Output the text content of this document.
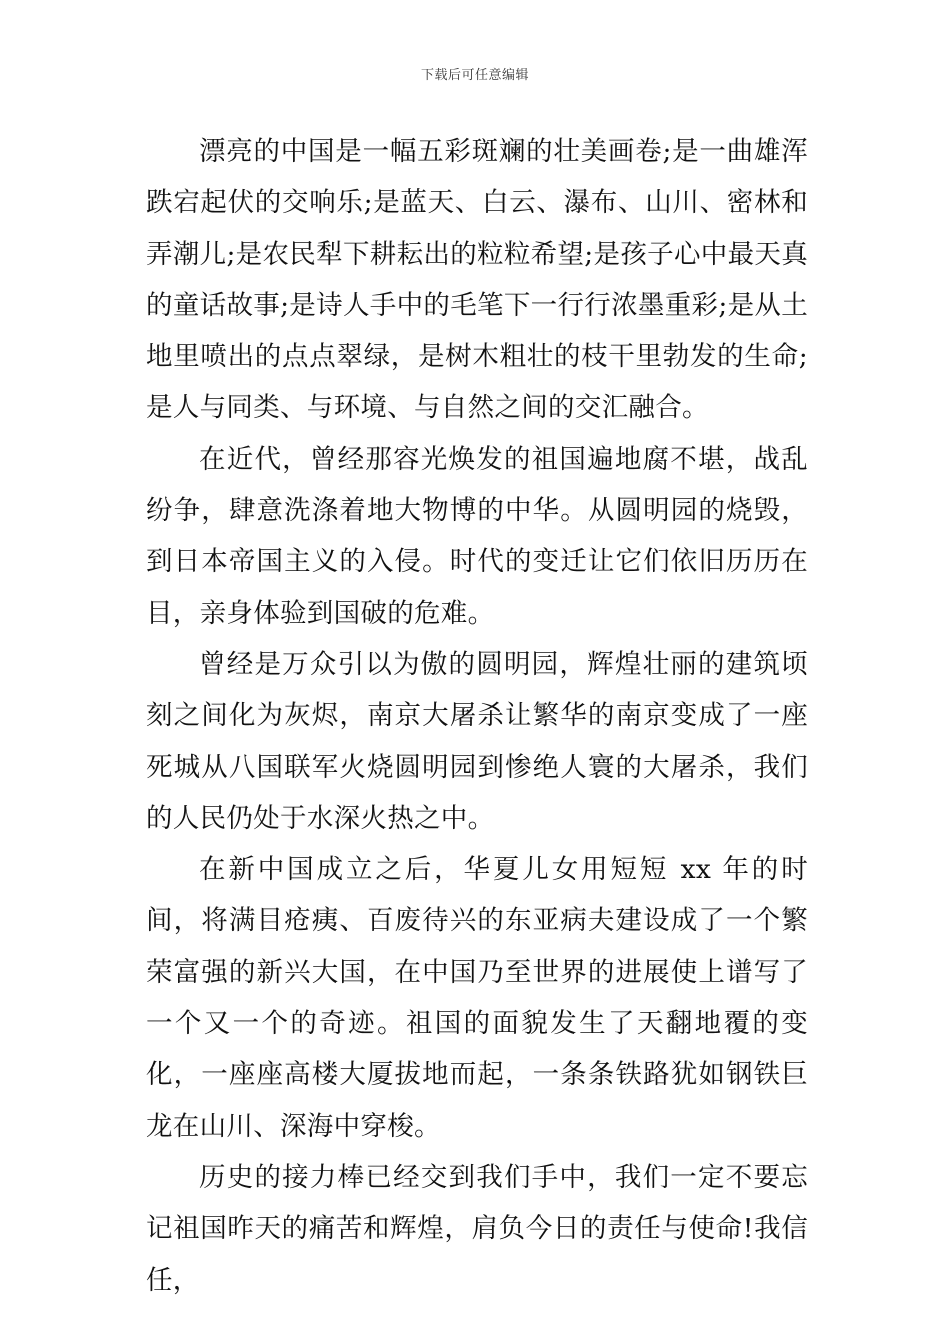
下载后可任意编辑

漂亮的中国是一幅五彩斑斓的壮美画卷;是一曲雄浑跌宕起伏的交响乐;是蓝天、白云、瀑布、山川、密林和弄潮儿;是农民犁下耕耘出的粒粒希望;是孩子心中最天真的童话故事;是诗人手中的毛笔下一行行浓墨重彩;是从土地里喷出的点点翠绿，是树木粗壮的枝干里勃发的生命;是人与同类、与环境、与自然之间的交汇融合。

在近代，曾经那容光焕发的祖国遍地腐不堪，战乱纷争，肆意洗涤着地大物博的中华。从圆明园的烧毁，到日本帝国主义的入侵。时代的变迁让它们依旧历历在目，亲身体验到国破的危难。

曾经是万众引以为傲的圆明园，辉煌壮丽的建筑顷刻之间化为灰烬，南京大屠杀让繁华的南京变成了一座死城从八国联军火烧圆明园到惨绝人寰的大屠杀，我们的人民仍处于水深火热之中。

在新中国成立之后，华夏儿女用短短 xx 年的时间，将满目疮痍、百废待兴的东亚病夫建设成了一个繁荣富强的新兴大国，在中国乃至世界的进展使上谱写了一个又一个的奇迹。祖国的面貌发生了天翻地覆的变化，一座座高楼大厦拔地而起，一条条铁路犹如钢铁巨龙在山川、深海中穿梭。

历史的接力棒已经交到我们手中，我们一定不要忘记祖国昨天的痛苦和辉煌，肩负今日的责任与使命!我信任，
